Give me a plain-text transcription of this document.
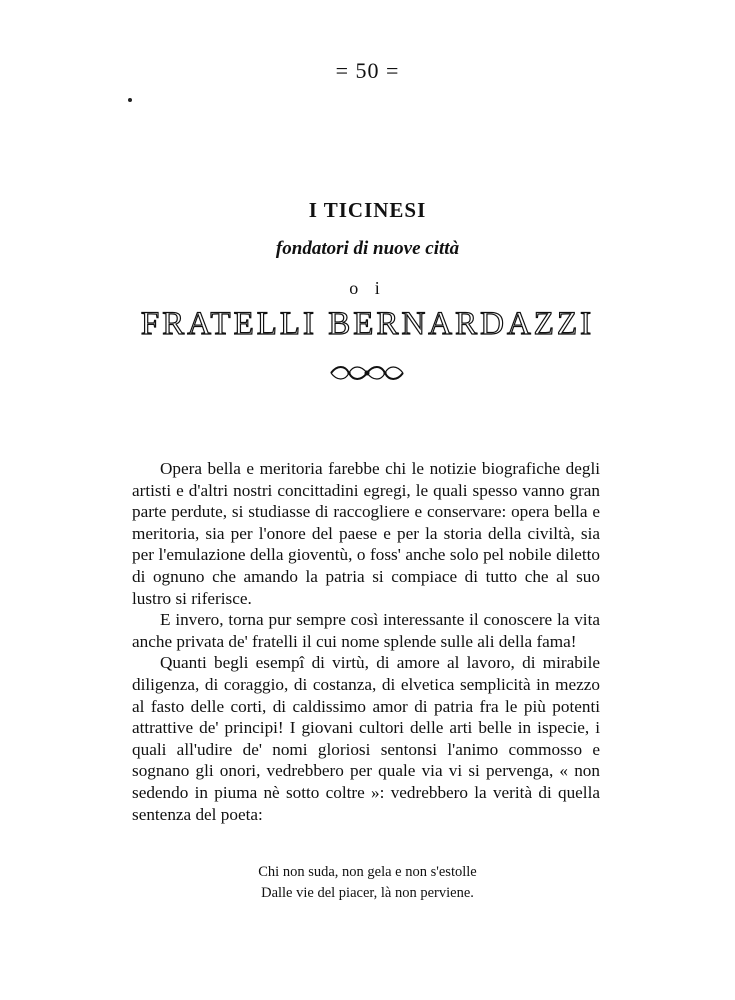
= 50 =
I TICINESI
fondatori di nuove città
o i
FRATELLI BERNARDAZZI

Opera bella e meritoria farebbe chi le notizie biografiche degli artisti e d'altri nostri concittadini egregi, le quali spesso vanno gran parte perdute, si studiasse di raccogliere e conservare: opera bella e meritoria, sia per l'onore del paese e per la storia della civiltà, sia per l'emulazione della gioventù, o foss' anche solo pel nobile diletto di ognuno che amando la patria si compiace di tutto che al suo lustro si riferisce.

E invero, torna pur sempre così interessante il conoscere la vita anche privata de' fratelli il cui nome splende sulle ali della fama!

Quanti begli esempî di virtù, di amore al lavoro, di mirabile diligenza, di coraggio, di costanza, di elvetica semplicità in mezzo al fasto delle corti, di caldissimo amor di patria fra le più potenti attrattive de' principi! I giovani cultori delle arti belle in ispecie, i quali all'udire de' nomi gloriosi sentonsi l'animo commosso e sognano gli onori, vedrebbero per quale via vi si pervenga, « non sedendo in piuma nè sotto coltre »: vedrebbero la verità di quella sentenza del poeta:

Chi non suda, non gela e non s'estolle
Dalle vie del piacer, là non perviene.
